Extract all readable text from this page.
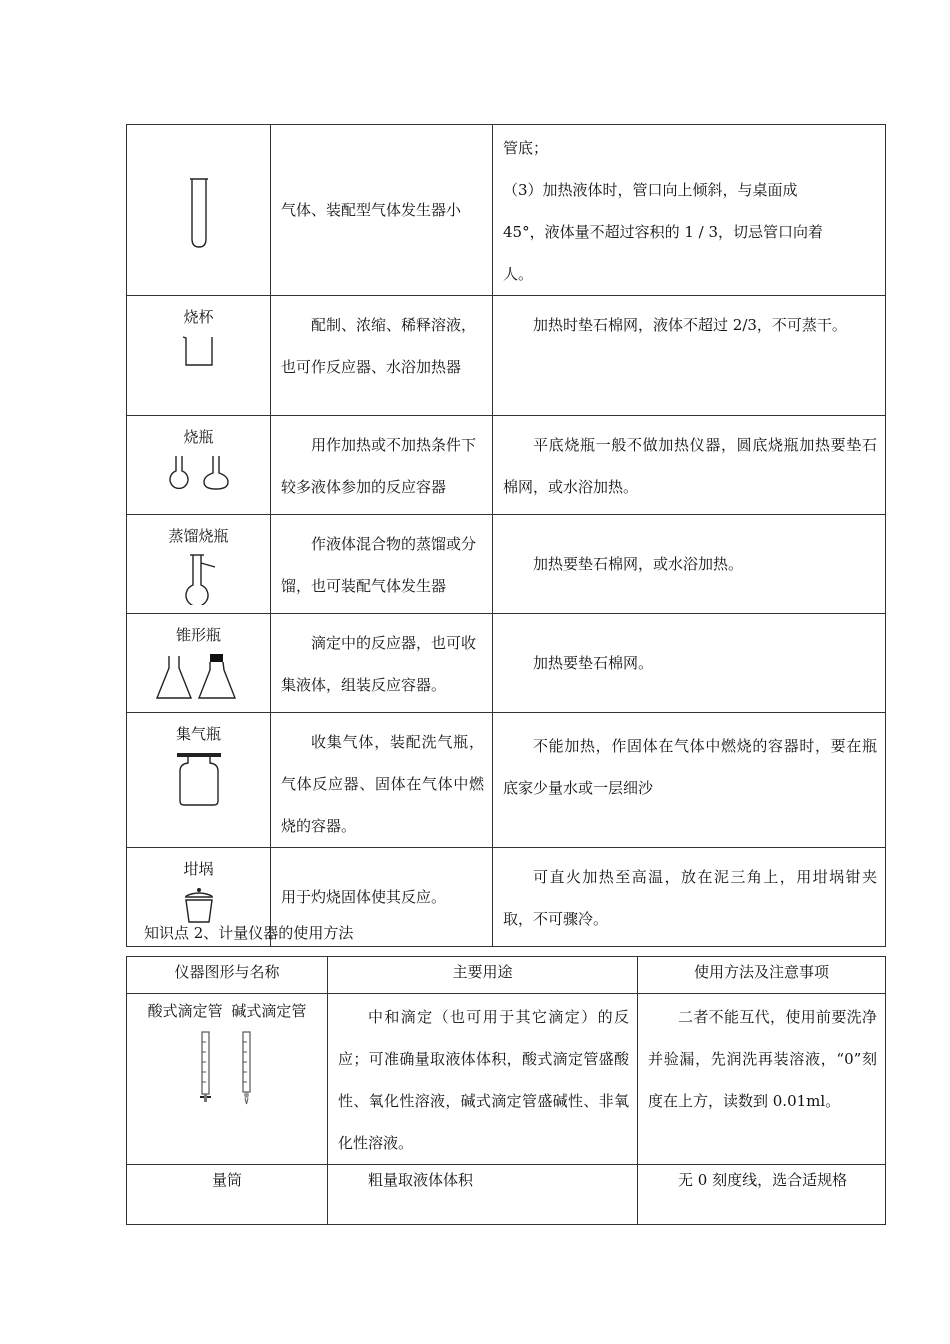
	气体、装配型气体发生器小	管底；
（3）加热液体时，管口向上倾斜，与桌面成
45°，液体量不超过容积的 1 / 3，切忌管口向着
人。

烧杯	配制、浓缩、稀释溶液，也可作反应器、水浴加热器	加热时垫石棉网，液体不超过 2/3，不可蒸干。

烧瓶	用作加热或不加热条件下较多液体参加的反应容器	平底烧瓶一般不做加热仪器，圆底烧瓶加热要垫石棉网，或水浴加热。

蒸馏烧瓶	作液体混合物的蒸馏或分馏，也可装配气体发生器	加热要垫石棉网，或水浴加热。

锥形瓶	滴定中的反应器，也可收集液体，组装反应容器。	加热要垫石棉网。

集气瓶	收集气体，装配洗气瓶，气体反应器、固体在气体中燃烧的容器。	不能加热，作固体在气体中燃烧的容器时，要在瓶底家少量水或一层细沙

坩埚	用于灼烧固体使其反应。	可直火加热至高温，放在泥三角上，用坩埚钳夹取，不可骤冷。
知识点 2、计量仪器的使用方法
仪器图形与名称	主要用途	使用方法及注意事项

酸式滴定管 碱式滴定管	中和滴定（也可用于其它滴定）的反应；可准确量取液体体积，酸式滴定管盛酸性、氧化性溶液，碱式滴定管盛碱性、非氧化性溶液。	二者不能互代，使用前要洗净并验漏，先润洗再装溶液，“0”刻度在上方，读数到 0.01ml。

量筒	粗量取液体体积	无 0 刻度线，选合适规格
